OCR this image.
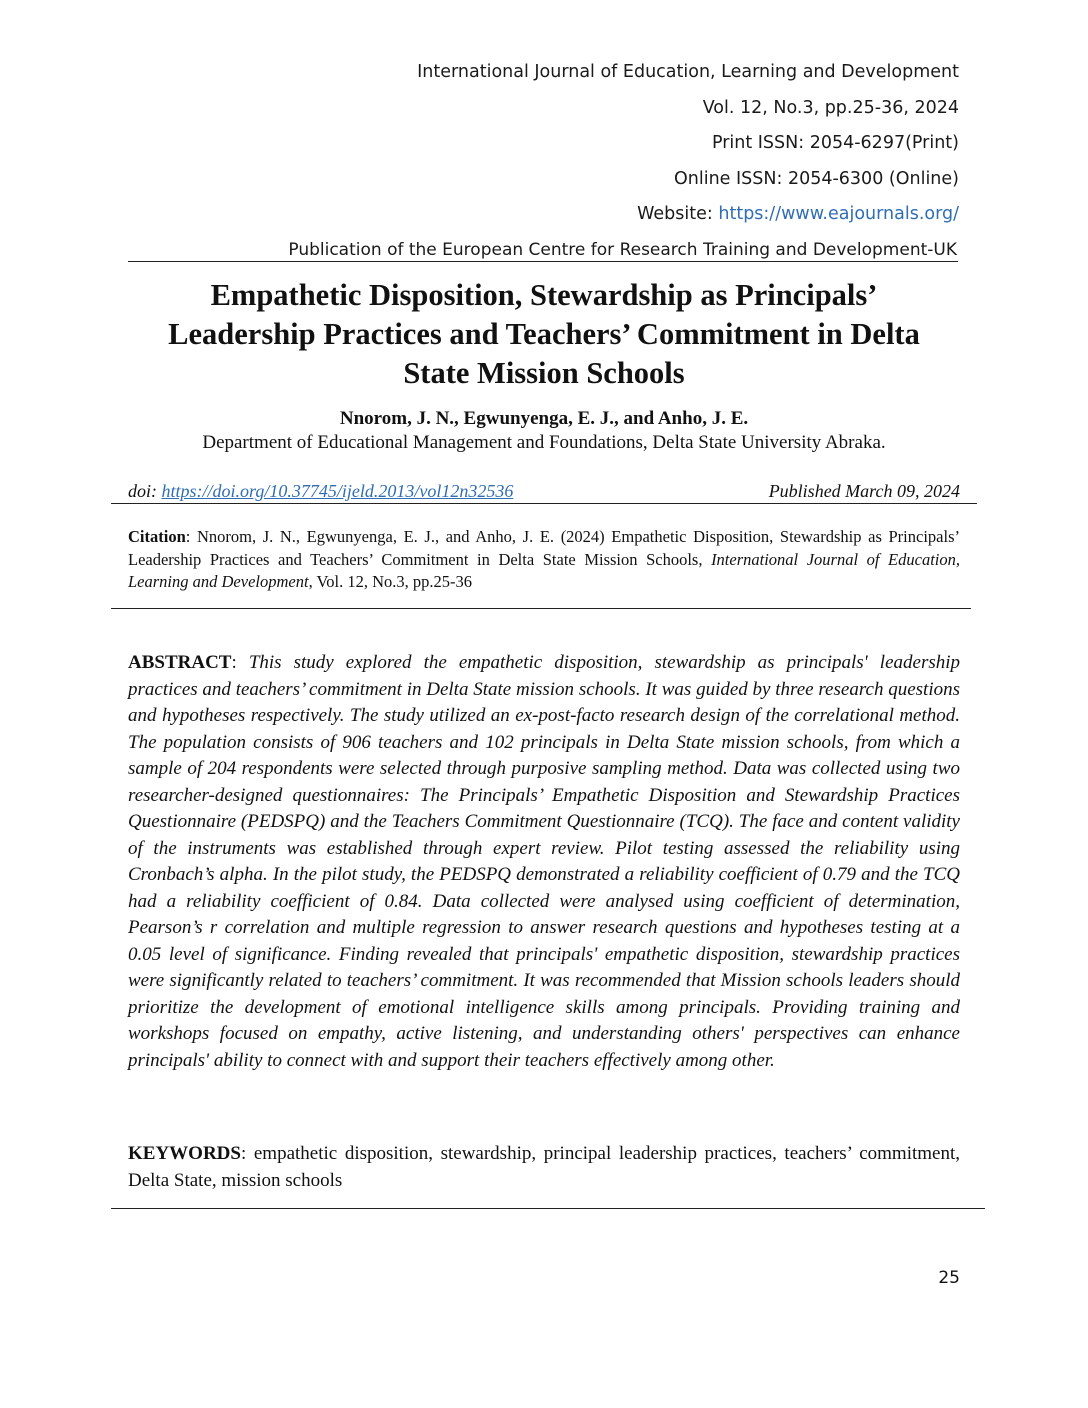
International Journal of Education, Learning and Development
Vol. 12, No.3, pp.25-36, 2024
Print ISSN: 2054-6297(Print)
Online ISSN: 2054-6300 (Online)
Website: https://www.eajournals.org/
Publication of the European Centre for Research Training and Development-UK
Empathetic Disposition, Stewardship as Principals’
Leadership Practices and Teachers’ Commitment in Delta
State Mission Schools
Nnorom, J. N., Egwunyenga, E. J., and Anho, J. E.
Department of Educational Management and Foundations, Delta State University Abraka.
doi: https://doi.org/10.37745/ijeld.2013/vol12n32536	Published March 09, 2024
Citation: Nnorom, J. N., Egwunyenga, E. J., and Anho, J. E. (2024) Empathetic Disposition, Stewardship as Principals’ Leadership Practices and Teachers’ Commitment in Delta State Mission Schools, International Journal of Education, Learning and Development, Vol. 12, No.3, pp.25-36
ABSTRACT: This study explored the empathetic disposition, stewardship as principals' leadership practices and teachers’ commitment in Delta State mission schools. It was guided by three research questions and hypotheses respectively. The study utilized an ex-post-facto research design of the correlational method. The population consists of 906 teachers and 102 principals in Delta State mission schools, from which a sample of 204 respondents were selected through purposive sampling method. Data was collected using two researcher-designed questionnaires: The Principals’ Empathetic Disposition and Stewardship Practices Questionnaire (PEDSPQ) and the Teachers Commitment Questionnaire (TCQ). The face and content validity of the instruments was established through expert review. Pilot testing assessed the reliability using Cronbach’s alpha. In the pilot study, the PEDSPQ demonstrated a reliability coefficient of 0.79 and the TCQ had a reliability coefficient of 0.84. Data collected were analysed using coefficient of determination, Pearson’s r correlation and multiple regression to answer research questions and hypotheses testing at a 0.05 level of significance. Finding revealed that principals' empathetic disposition, stewardship practices were significantly related to teachers’ commitment. It was recommended that Mission schools leaders should prioritize the development of emotional intelligence skills among principals. Providing training and workshops focused on empathy, active listening, and understanding others' perspectives can enhance principals' ability to connect with and support their teachers effectively among other.
KEYWORDS: empathetic disposition, stewardship, principal leadership practices, teachers’ commitment, Delta State, mission schools
25
